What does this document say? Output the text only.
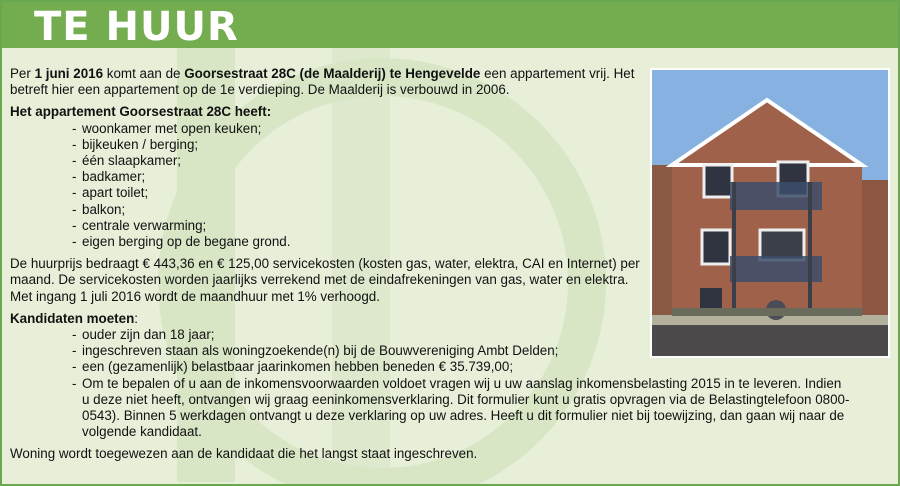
TE HUUR

Per 1 juni 2016 komt aan de Goorsestraat 28C (de Maalderij) te Hengevelde een appartement vrij. Het betreft hier een appartement op de 1e verdieping. De Maalderij is verbouwd in 2006.

Het appartement Goorsestraat 28C heeft:
- woonkamer met open keuken;
- bijkeuken / berging;
- één slaapkamer;
- badkamer;
- apart toilet;
- balkon;
- centrale verwarming;
- eigen berging op de begane grond.

De huurprijs bedraagt € 443,36 en € 125,00 servicekosten (kosten gas, water, elektra, CAI en Internet) per maand. De servicekosten worden jaarlijks verrekend met de eindafrekeningen van gas, water en elektra. Met ingang 1 juli 2016 wordt de maandhuur met 1% verhoogd.

Kandidaten moeten:
- ouder zijn dan 18 jaar;
- ingeschreven staan als woningzoekende(n) bij de Bouwvereniging Ambt Delden;
- een (gezamenlijk) belastbaar jaarinkomen hebben beneden € 35.739,00;
- Om te bepalen of u aan de inkomensvoorwaarden voldoet vragen wij u uw aanslag inkomensbelasting 2015 in te leveren. Indien u deze niet heeft, ontvangen wij graag eeninkomensverklaring. Dit formulier kunt u gratis opvragen via de Belastingtelefoon 0800-0543). Binnen 5 werkdagen ontvangt u deze verklaring op uw adres. Heeft u dit formulier niet bij toewijzing, dan gaan wij naar de volgende kandidaat.

Woning wordt toegewezen aan de kandidaat die het langst staat ingeschreven.
